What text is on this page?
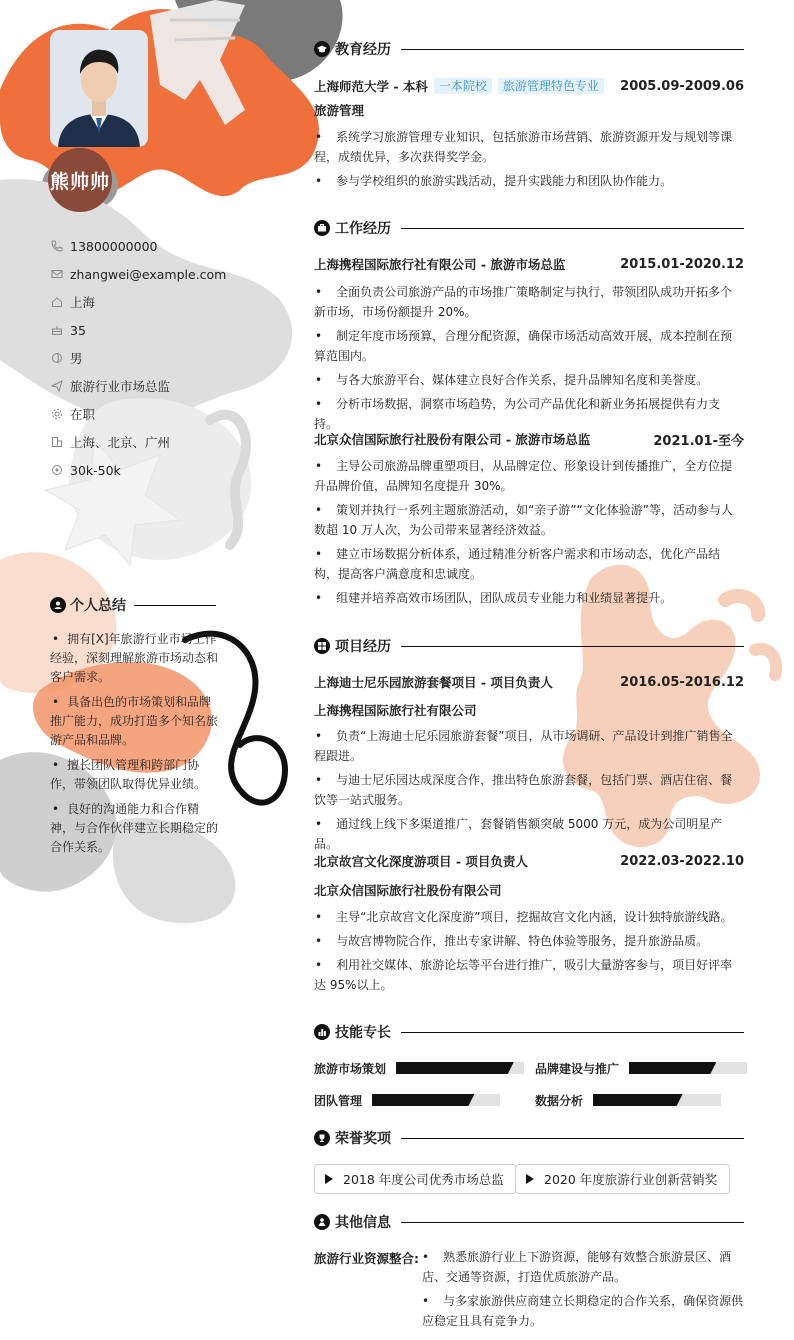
熊帅帅
13800000000
zhangwei@example.com
上海
35
男
旅游行业市场总监
在职
上海、北京、广州
30k-50k
个人总结
• 拥有[X]年旅游行业市场工作经验，深刻理解旅游市场动态和客户需求。
• 具备出色的市场策划和品牌推广能力，成功打造多个知名旅游产品和品牌。
• 擅长团队管理和跨部门协作，带领团队取得优异业绩。
• 良好的沟通能力和合作精神，与合作伙伴建立长期稳定的合作关系。
教育经历
上海师范大学 - 本科 一本院校	旅游管理特色专业	2005.09-2009.06
旅游管理
• 系统学习旅游管理专业知识，包括旅游市场营销、旅游资源开发与规划等课程，成绩优异，多次获得奖学金。
• 参与学校组织的旅游实践活动，提升实践能力和团队协作能力。
工作经历
上海携程国际旅行社有限公司 - 旅游市场总监	2015.01-2020.12
• 全面负责公司旅游产品的市场推广策略制定与执行，带领团队成功开拓多个新市场，市场份额提升 20%。
• 制定年度市场预算，合理分配资源，确保市场活动高效开展，成本控制在预算范围内。
• 与各大旅游平台、媒体建立良好合作关系，提升品牌知名度和美誉度。
• 分析市场数据，洞察市场趋势，为公司产品优化和新业务拓展提供有力支持。
北京众信国际旅行社股份有限公司 - 旅游市场总监	2021.01-至今
• 主导公司旅游品牌重塑项目，从品牌定位、形象设计到传播推广，全方位提升品牌价值，品牌知名度提升 30%。
• 策划并执行一系列主题旅游活动，如“亲子游”“文化体验游”等，活动参与人数超 10 万人次，为公司带来显著经济效益。
• 建立市场数据分析体系，通过精准分析客户需求和市场动态，优化产品结构，提高客户满意度和忠诚度。
• 组建并培养高效市场团队，团队成员专业能力和业绩显著提升。
项目经历
上海迪士尼乐园旅游套餐项目 - 项目负责人	2016.05-2016.12
上海携程国际旅行社有限公司
• 负责“上海迪士尼乐园旅游套餐”项目，从市场调研、产品设计到推广销售全程跟进。
• 与迪士尼乐园达成深度合作，推出特色旅游套餐，包括门票、酒店住宿、餐饮等一站式服务。
• 通过线上线下多渠道推广，套餐销售额突破 5000 万元，成为公司明星产品。
北京故宫文化深度游项目 - 项目负责人	2022.03-2022.10
北京众信国际旅行社股份有限公司
• 主导“北京故宫文化深度游”项目，挖掘故宫文化内涵，设计独特旅游线路。
• 与故宫博物院合作，推出专家讲解、特色体验等服务，提升旅游品质。
• 利用社交媒体、旅游论坛等平台进行推广，吸引大量游客参与，项目好评率达 95%以上。
技能专长
旅游市场策划	品牌建设与推广
团队管理	数据分析
荣誉奖项
2018 年度公司优秀市场总监	2020 年度旅游行业创新营销奖
其他信息
旅游行业资源整合:
•	熟悉旅游行业上下游资源，能够有效整合旅游景区、酒店、交通等资源，打造优质旅游产品。
• 与多家旅游供应商建立长期稳定的合作关系，确保资源供应稳定且具有竞争力。
